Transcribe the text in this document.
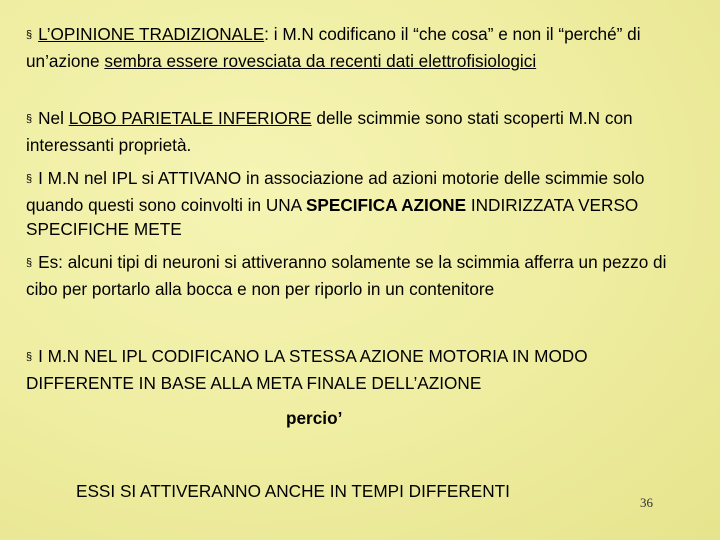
§ L’OPINIONE TRADIZIONALE: i M.N codificano il “che cosa” e non il “perché” di un’azione sembra essere rovesciata da recenti dati elettrofisiologici

§ Nel LOBO PARIETALE INFERIORE delle scimmie sono stati scoperti M.N con interessanti proprietà.

§ I M.N nel IPL si ATTIVANO in associazione ad azioni motorie delle scimmie solo quando questi sono coinvolti in UNA SPECIFICA AZIONE INDIRIZZATA VERSO SPECIFICHE METE

§ Es: alcuni tipi di neuroni si attiveranno solamente se la scimmia afferra un pezzo di cibo per portarlo alla bocca e non per riporlo in un contenitore

§ I M.N NEL IPL CODIFICANO LA STESSA AZIONE MOTORIA IN MODO DIFFERENTE IN BASE ALLA META FINALE DELL’AZIONE

percio’

ESSI SI ATTIVERANNO ANCHE IN TEMPI DIFFERENTI

36
